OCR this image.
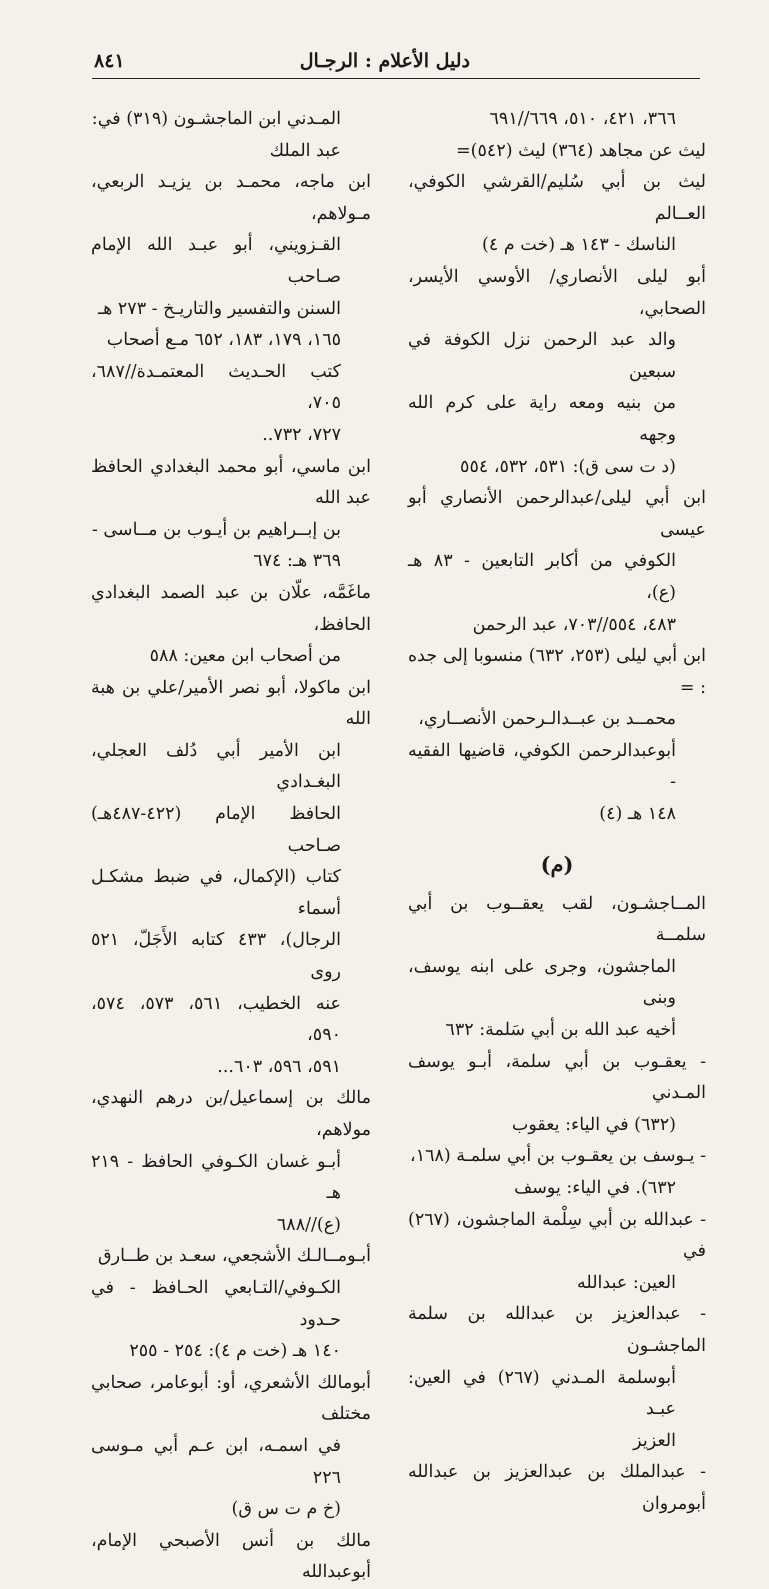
٨٤١	دليل الأعلام : الرجـال
٣٦٦، ٤٢١، ٥١٠، ٦٦٩//٦٩١
ليث عن مجاهد (٣٦٤) ليث (٥٤٢)=
ليث بن أبي سُليم/القرشي الكوفي، العــالم
الناسك - ١٤٣ هـ (خت م ٤)
أبو ليلى الأنصاري/ الأوسي الأيسر، الصحابي،
والد عبد الرحمن نزل الكوفة في سبعين
من بنيه ومعه راية على كرم الله وجهه
(د ت سى ق): ٥٣١، ٥٣٢، ٥٥٤
ابن أبي ليلى/عبدالرحمن الأنصاري أبو عيسى
الكوفي من أكابر التابعين - ٨٣ هـ (ع)،
٤٨٣، ٥٥٤//٧٠٣، عبد الرحمن
ابن أبي ليلى (٢٥٣، ٦٣٢) منسوبا إلى جده : =
محمــد بن عبــدالـرحمن الأنصــاري،
أبوعبدالرحمن الكوفي، قاضيها الفقيه -
١٤٨ هـ (٤)
(م)
المــاجشـون، لقب يعقــوب بن أبي سلمــة
الماجشون، وجرى على ابنه يوسف، وبنى
أخيه عبد الله بن أبي سَلمة: ٦٣٢
- يعقـوب بن أبي سلمة، أبـو يوسف المـدني
(٦٣٢) في الياء: يعقوب
- يـوسف بن يعقـوب بن أبي سلمـة (١٦٨،
٦٣٢). في الياء: يوسف
- عبدالله بن أبي سِلْمة الماجشون، (٢٦٧) في
العين: عبدالله
- عبدالعزيز بن عبدالله بن سلمة الماجشـون
أبوسلمة المـدني (٢٦٧) في العين: عبـد
العزيز
- عبدالملك بن عبدالعزيز بن عبدالله أبومروان
المـدني ابن الماجشـون (٣١٩) في:
عبد الملك
ابن ماجه، محمـد بن يزيـد الربعي، مـولاهم،
القـزويني، أبو عبـد الله الإمام صـاحب
السنن والتفسير والتاريـخ - ٢٧٣ هـ
١٦٥، ١٧٩، ١٨٣، ٦٥٢ مـع أصحاب
كتب الحـديث المعتمـدة//٦٨٧، ٧٠٥،
٧٢٧، ٧٣٢..
ابن ماسي، أبو محمد البغدادي الحافظ عبد الله
بن إبــراهيم بن أيـوب بن مــاسى -
٣٦٩ هـ: ٦٧٤
ماغَمَّه، علّان بن عبد الصمد البغدادي الحافظ،
من أصحاب ابن معين: ٥٨٨
ابن ماكولا، أبو نصر الأمير/علي بن هبة الله
ابن الأمير أبي دُلف العجلي، البغـدادي
الحافظ الإمام (٤٢٢-٤٨٧هـ) صـاحب
كتاب (الإكمال، في ضبط مشكـل أسماء
الرجال)، ٤٣٣ كتابه الأَجَلّ، ٥٢١ روى
عنه الخطيب، ٥٦١، ٥٧٣، ٥٧٤، ٥٩٠،
٥٩١، ٥٩٦، ٦٠٣...
مالك بن إسماعيل/بن درهم النهدي، مولاهم،
أبـو غسان الكـوفي الحافظ - ٢١٩ هـ
(ع)//٦٨٨
أبـومــالـك الأشجعي، سعـد بن طــارق
الكـوفي/التـابعي الحـافظ - في حـدود
١٤٠ هـ (خت م ٤): ٢٥٤ - ٢٥٥
أبومالك الأشعري، أو: أبوعامر، صحابي مختلف
في اسمـه، ابن عـم أبي مـوسى ٢٢٦
(خ م ت س ق)
مالك بن أنس الأصبحي الإمام، أبوعبدالله
